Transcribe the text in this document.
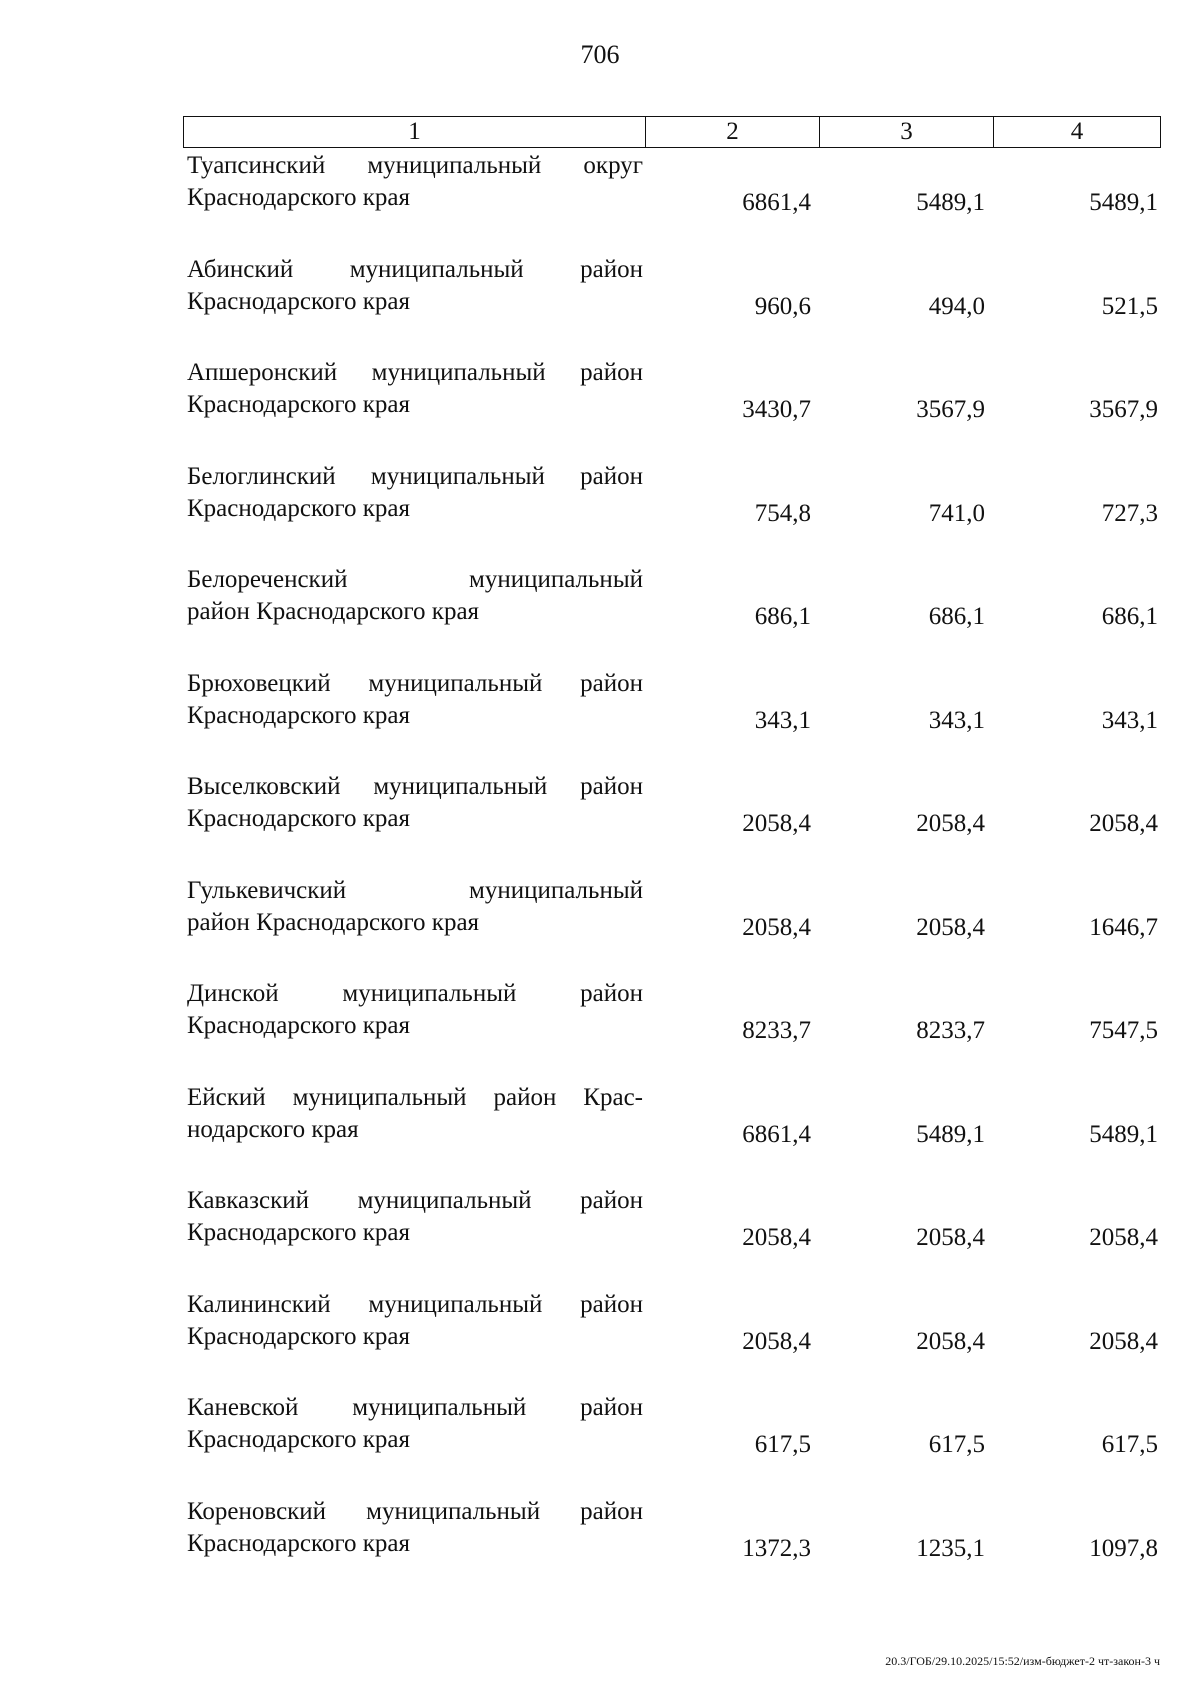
706
1	2	3	4
Туапсинский муниципальный округ
Краснодарского края	6861,4	5489,1	5489,1
Абинский муниципальный район
Краснодарского края	960,6	494,0	521,5
Апшеронский муниципальный район
Краснодарского края	3430,7	3567,9	3567,9
Белоглинский муниципальный район
Краснодарского края	754,8	741,0	727,3
Белореченский муниципальный
район Краснодарского края	686,1	686,1	686,1
Брюховецкий муниципальный район
Краснодарского края	343,1	343,1	343,1
Выселковский муниципальный район
Краснодарского края	2058,4	2058,4	2058,4
Гулькевичский муниципальный
район Краснодарского края	2058,4	2058,4	1646,7
Динской муниципальный район
Краснодарского края	8233,7	8233,7	7547,5
Ейский муниципальный район Крас-
нодарского края	6861,4	5489,1	5489,1
Кавказский муниципальный район
Краснодарского края	2058,4	2058,4	2058,4
Калининский муниципальный район
Краснодарского края	2058,4	2058,4	2058,4
Каневской муниципальный район
Краснодарского края	617,5	617,5	617,5
Кореновский муниципальный район
Краснодарского края	1372,3	1235,1	1097,8
20.3/ГОБ/29.10.2025/15:52/изм-бюджет-2 чт-закон-3 ч
